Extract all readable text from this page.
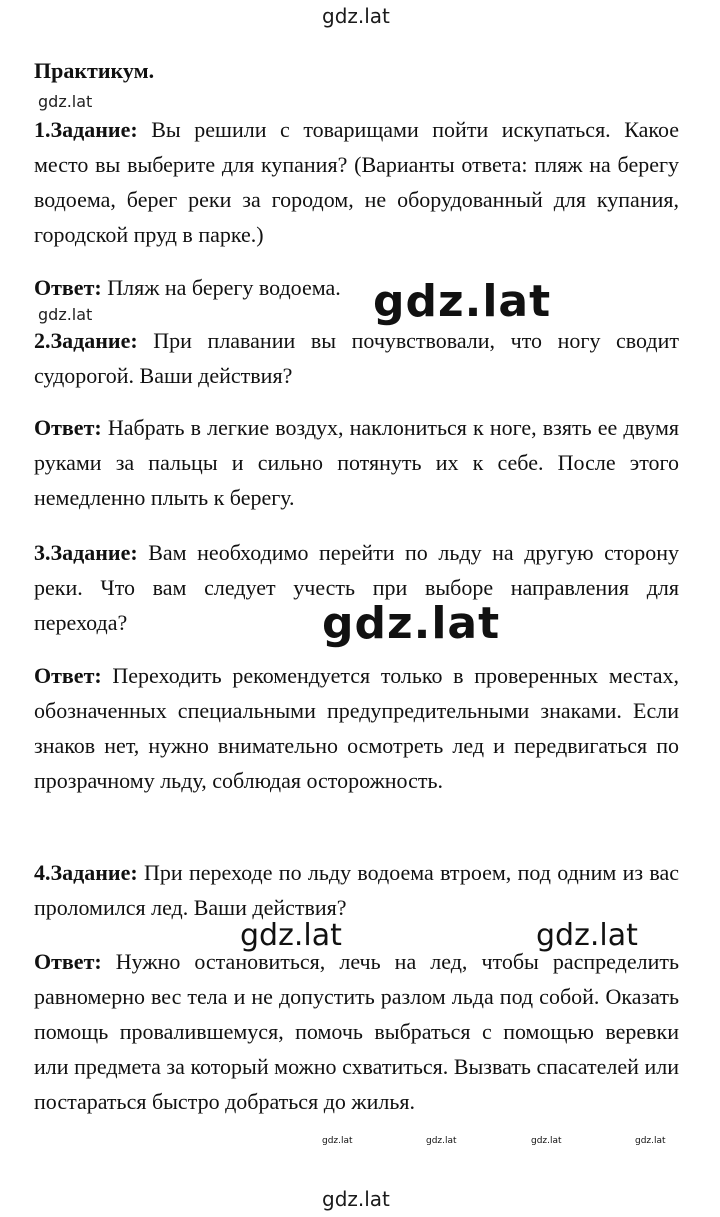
gdz.lat
Практикум.
gdz.lat

1.Задание: Вы решили с товарищами пойти искупаться. Какое место вы выберите для купания? (Варианты ответа: пляж на берегу водоема, берег реки за городом, не оборудованный для купания, городской пруд в парке.)

Ответ: Пляж на берегу водоема.

gdz.lat

2.Задание: При плавании вы почувствовали, что ногу сводит судорогой. Ваши действия?

Ответ: Набрать в легкие воздух, наклониться к ноге, взять ее двумя руками за пальцы и сильно потянуть их к себе. После этого немедленно плыть к берегу.

3.Задание: Вам необходимо перейти по льду на другую сторону реки. Что вам следует учесть при выборе направления для перехода?

Ответ: Переходить рекомендуется только в проверенных местах, обозначенных специальными предупредительными знаками. Если знаков нет, нужно внимательно осмотреть лед и передвигаться по прозрачному льду, соблюдая осторожность.

4.Задание: При переходе по льду водоема втроем, под одним из вас проломился лед. Ваши действия?

Ответ: Нужно остановиться, лечь на лед, чтобы распределить равномерно вес тела и не допустить разлом льда под собой. Оказать помощь провалившемуся, помочь выбраться с помощью веревки или предмета за который можно схватиться. Вызвать спасателей или постараться быстро добраться до жилья.

gdz.lat
gdz.lat
gdz.lat	gdz.lat
gdz.lat	gdz.lat	gdz.lat	gdz.lat
gdz.lat
